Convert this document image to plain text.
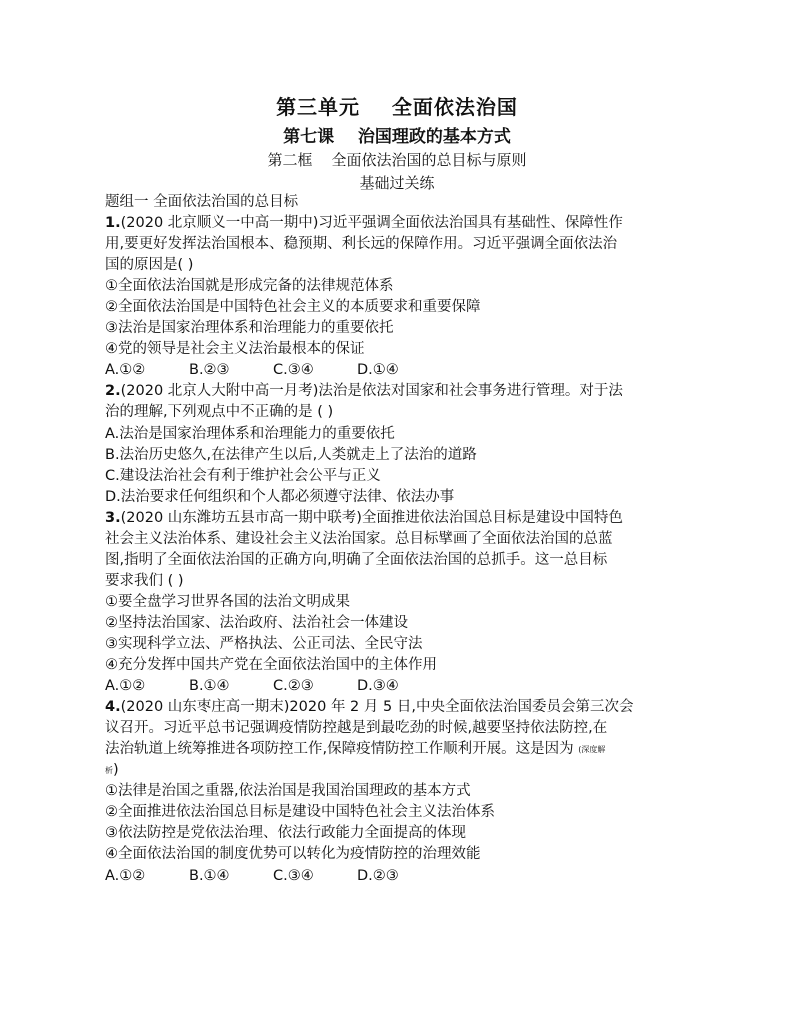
第三单元    全面依法治国
第七课    治国理政的基本方式
第二框    全面依法治国的总目标与原则
基础过关练
题组一 全面依法治国的总目标
1.(2020 北京顺义一中高一期中)习近平强调全面依法治国具有基础性、保障性作
用,要更好发挥法治国根本、稳预期、利长远的保障作用。习近平强调全面依法治
国的原因是( )
①全面依法治国就是形成完备的法律规范体系
②全面依法治国是中国特色社会主义的本质要求和重要保障
③法治是国家治理体系和治理能力的重要依托
④党的领导是社会主义法治最根本的保证
A.①②	B.②③	C.③④	D.①④
2.(2020 北京人大附中高一月考)法治是依法对国家和社会事务进行管理。对于法
治的理解,下列观点中不正确的是 ( )
A.法治是国家治理体系和治理能力的重要依托
B.法治历史悠久,在法律产生以后,人类就走上了法治的道路
C.建设法治社会有利于维护社会公平与正义
D.法治要求任何组织和个人都必须遵守法律、依法办事
3.(2020 山东潍坊五县市高一期中联考)全面推进依法治国总目标是建设中国特色
社会主义法治体系、建设社会主义法治国家。总目标擘画了全面依法治国的总蓝
图,指明了全面依法治国的正确方向,明确了全面依法治国的总抓手。这一总目标
要求我们 ( )
①要全盘学习世界各国的法治文明成果
②坚持法治国家、法治政府、法治社会一体建设
③实现科学立法、严格执法、公正司法、全民守法
④充分发挥中国共产党在全面依法治国中的主体作用
A.①②	B.①④	C.②③	D.③④
4.(2020 山东枣庄高一期末)2020 年 2 月 5 日,中央全面依法治国委员会第三次会
议召开。习近平总书记强调疫情防控越是到最吃劲的时候,越要坚持依法防控,在
法治轨道上统筹推进各项防控工作,保障疫情防控工作顺利开展。这是因为 $^{(深度解}$
$^析$)
①法律是治国之重器,依法治国是我国治国理政的基本方式
②全面推进依法治国总目标是建设中国特色社会主义法治体系
③依法防控是党依法治理、依法行政能力全面提高的体现
④全面依法治国的制度优势可以转化为疫情防控的治理效能
A.①②	B.①④	C.③④	D.②③
